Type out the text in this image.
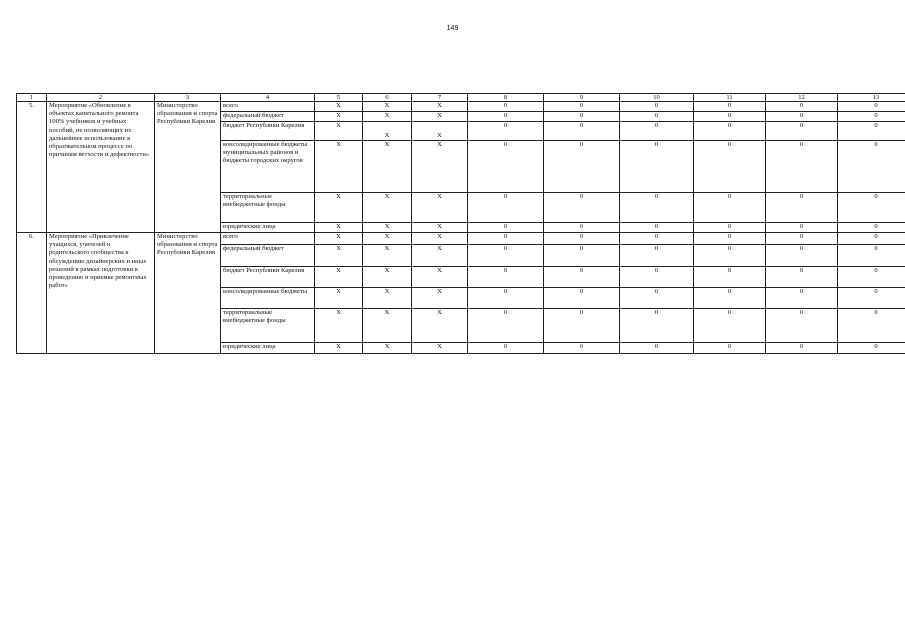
149
1	2	3	4	5	6	7	8	9	10	11	12	13
5.	Мероприятие «Обновление в объектах капитального ремонта 100% учебников и учебных пособий, не позволяющих их дальнейшее использование в образовательном процессе по причинам ветхости и дефектности»	Министерство образования и спорта Республики Карелия	всего	X	X	X	0	0	0	0	0	0
			федеральный бюджет	X	X	X	0	0	0	0	0	0
			бюджет Республики Карелия	X	X	X	0	0	0	0	0	0
			консолидированные бюджеты муниципальных районов и бюджеты городских округов	X	X	X	0	0	0	0	0	0
			территориальные внебюджетные фонды	X	X	X	0	0	0	0	0	0
			юридические лица	X	X	X	0	0	0	0	0	0
6.	Мероприятие «Привлечение учащихся, учителей и родительского сообщества к обсуждению дизайнерских и иных решений в рамках подготовки к проведению и приемке ремонтных работ»	Министерство образования и спорта Республики Карелия	всего	X	X	X	0	0	0	0	0	0
			федеральный бюджет	X	X	X	0	0	0	0	0	0
			бюджет Республики Карелия	X	X	X	0	0	0	0	0	0
			консолидированные бюджеты	X	X	X	0	0	0	0	0	0
			территориальные внебюджетные фонды	X	X	X	0	0	0	0	0	0
			юридические лица	X	X	X	0	0	0	0	0	0
